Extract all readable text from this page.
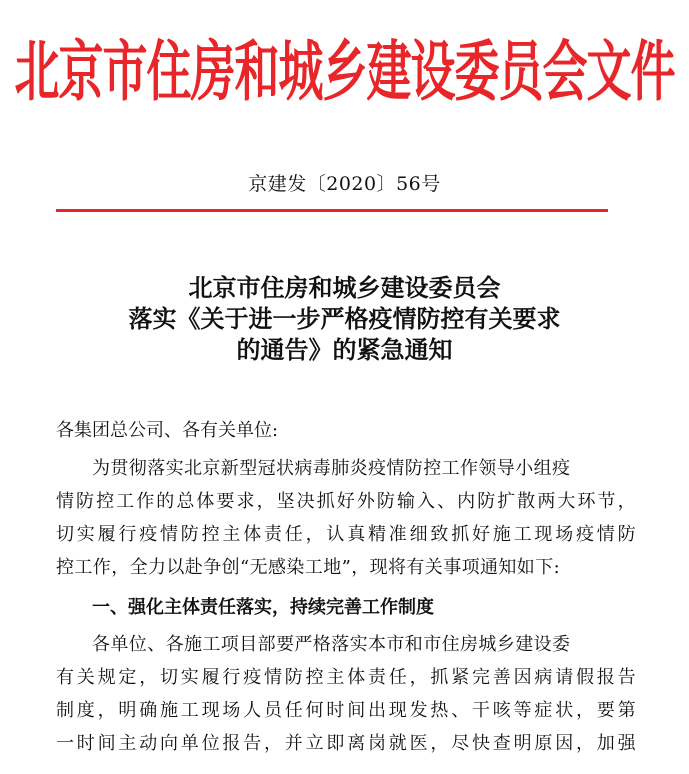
北京市住房和城乡建设委员会文件
京建发〔2020〕56号
北京市住房和城乡建设委员会
落实《关于进一步严格疫情防控有关要求
的通告》的紧急通知
各集团总公司、各有关单位:
为贯彻落实北京新型冠状病毒肺炎疫情防控工作领导小组疫
情防控工作的总体要求，坚决抓好外防输入、内防扩散两大环节，
切实履行疫情防控主体责任，认真精准细致抓好施工现场疫情防
控工作，全力以赴争创“无感染工地”，现将有关事项通知如下:
一、强化主体责任落实，持续完善工作制度
各单位、各施工项目部要严格落实本市和市住房城乡建设委
有关规定，切实履行疫情防控主体责任，抓紧完善因病请假报告
制度，明确施工现场人员任何时间出现发热、干咳等症状，要第
一时间主动向单位报告，并立即离岗就医，尽快查明原因，加强
